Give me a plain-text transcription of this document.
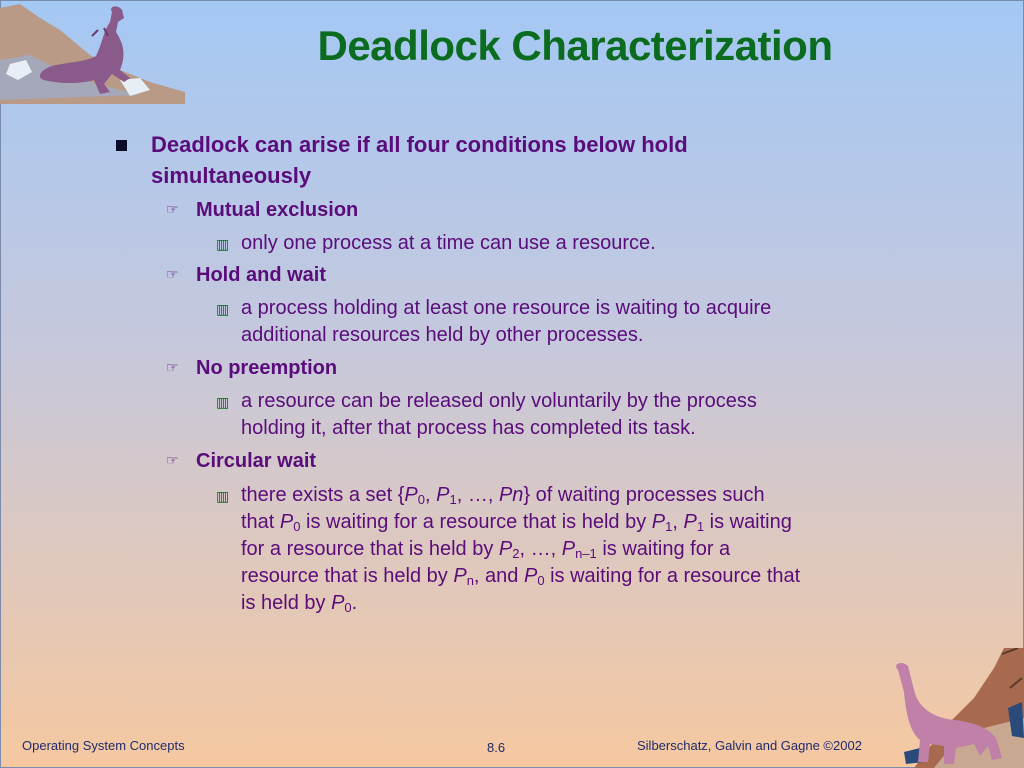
Deadlock Characterization
Deadlock can arise if all four conditions below hold
simultaneously
☞ Mutual exclusion
▥ only one process at a time can use a resource.
☞ Hold and wait
▥ a process holding at least one resource is waiting to acquire
additional resources held by other processes.
☞ No preemption
▥ a resource can be released only voluntarily by the process
holding it, after that process has completed its task.
☞ Circular wait
▥ there exists a set {$P_0$, $P_1$, …, Pn} of waiting processes such
that $P_0$ is waiting for a resource that is held by $P_1$, $P_1$ is waiting
for a resource that is held by $P_2$, …, $P_{n-1}$ is waiting for a
resource that is held by $P_n$, and $P_0$ is waiting for a resource that
is held by $P_0$.
Operating System Concepts	8.6	Silberschatz, Galvin and Gagne ©2002
